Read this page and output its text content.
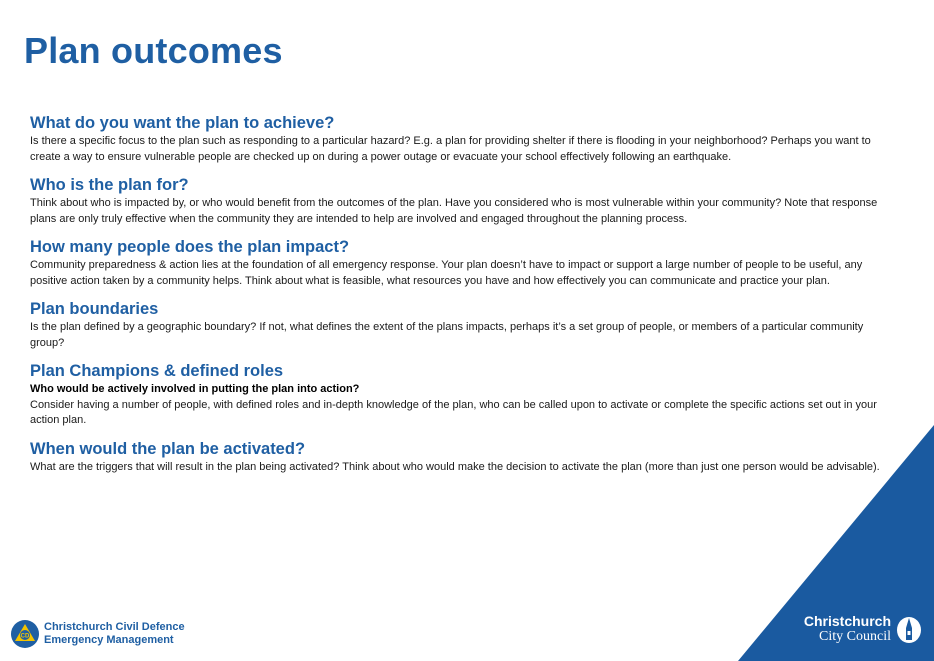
Plan outcomes
What do you want the plan to achieve?

Is there a specific focus to the plan such as responding to a particular hazard? E.g. a plan for providing shelter if there is flooding in your neighborhood? Perhaps you want to create a way to ensure vulnerable people are checked up on during a power outage or evacuate your school effectively following an earthquake.

Who is the plan for?

Think about who is impacted by, or who would benefit from the outcomes of the plan. Have you considered who is most vulnerable within your community? Note that response plans are only truly effective when the community they are intended to help are involved and engaged throughout the planning process.

How many people does the plan impact?

Community preparedness & action lies at the foundation of all emergency response. Your plan doesn’t have to impact or support a large number of people to be useful, any positive action taken by a community helps. Think about what is feasible, what resources you have and how effectively you can communicate and practice your plan.

Plan boundaries

Is the plan defined by a geographic boundary? If not, what defines the extent of the plans impacts, perhaps it’s a set group of people, or members of a particular community group?

Plan Champions & defined roles

Who would be actively involved in putting the plan into action?

Consider having a number of people, with defined roles and in-depth knowledge of the plan, who can be called upon to activate or complete the specific actions set out in your action plan.

When would the plan be activated?

What are the triggers that will result in the plan being activated? Think about who would make the decision to activate the plan (more than just one person would be advisable).

CD
Christchurch Civil Defence
Emergency Management
Christchurch
City Council
